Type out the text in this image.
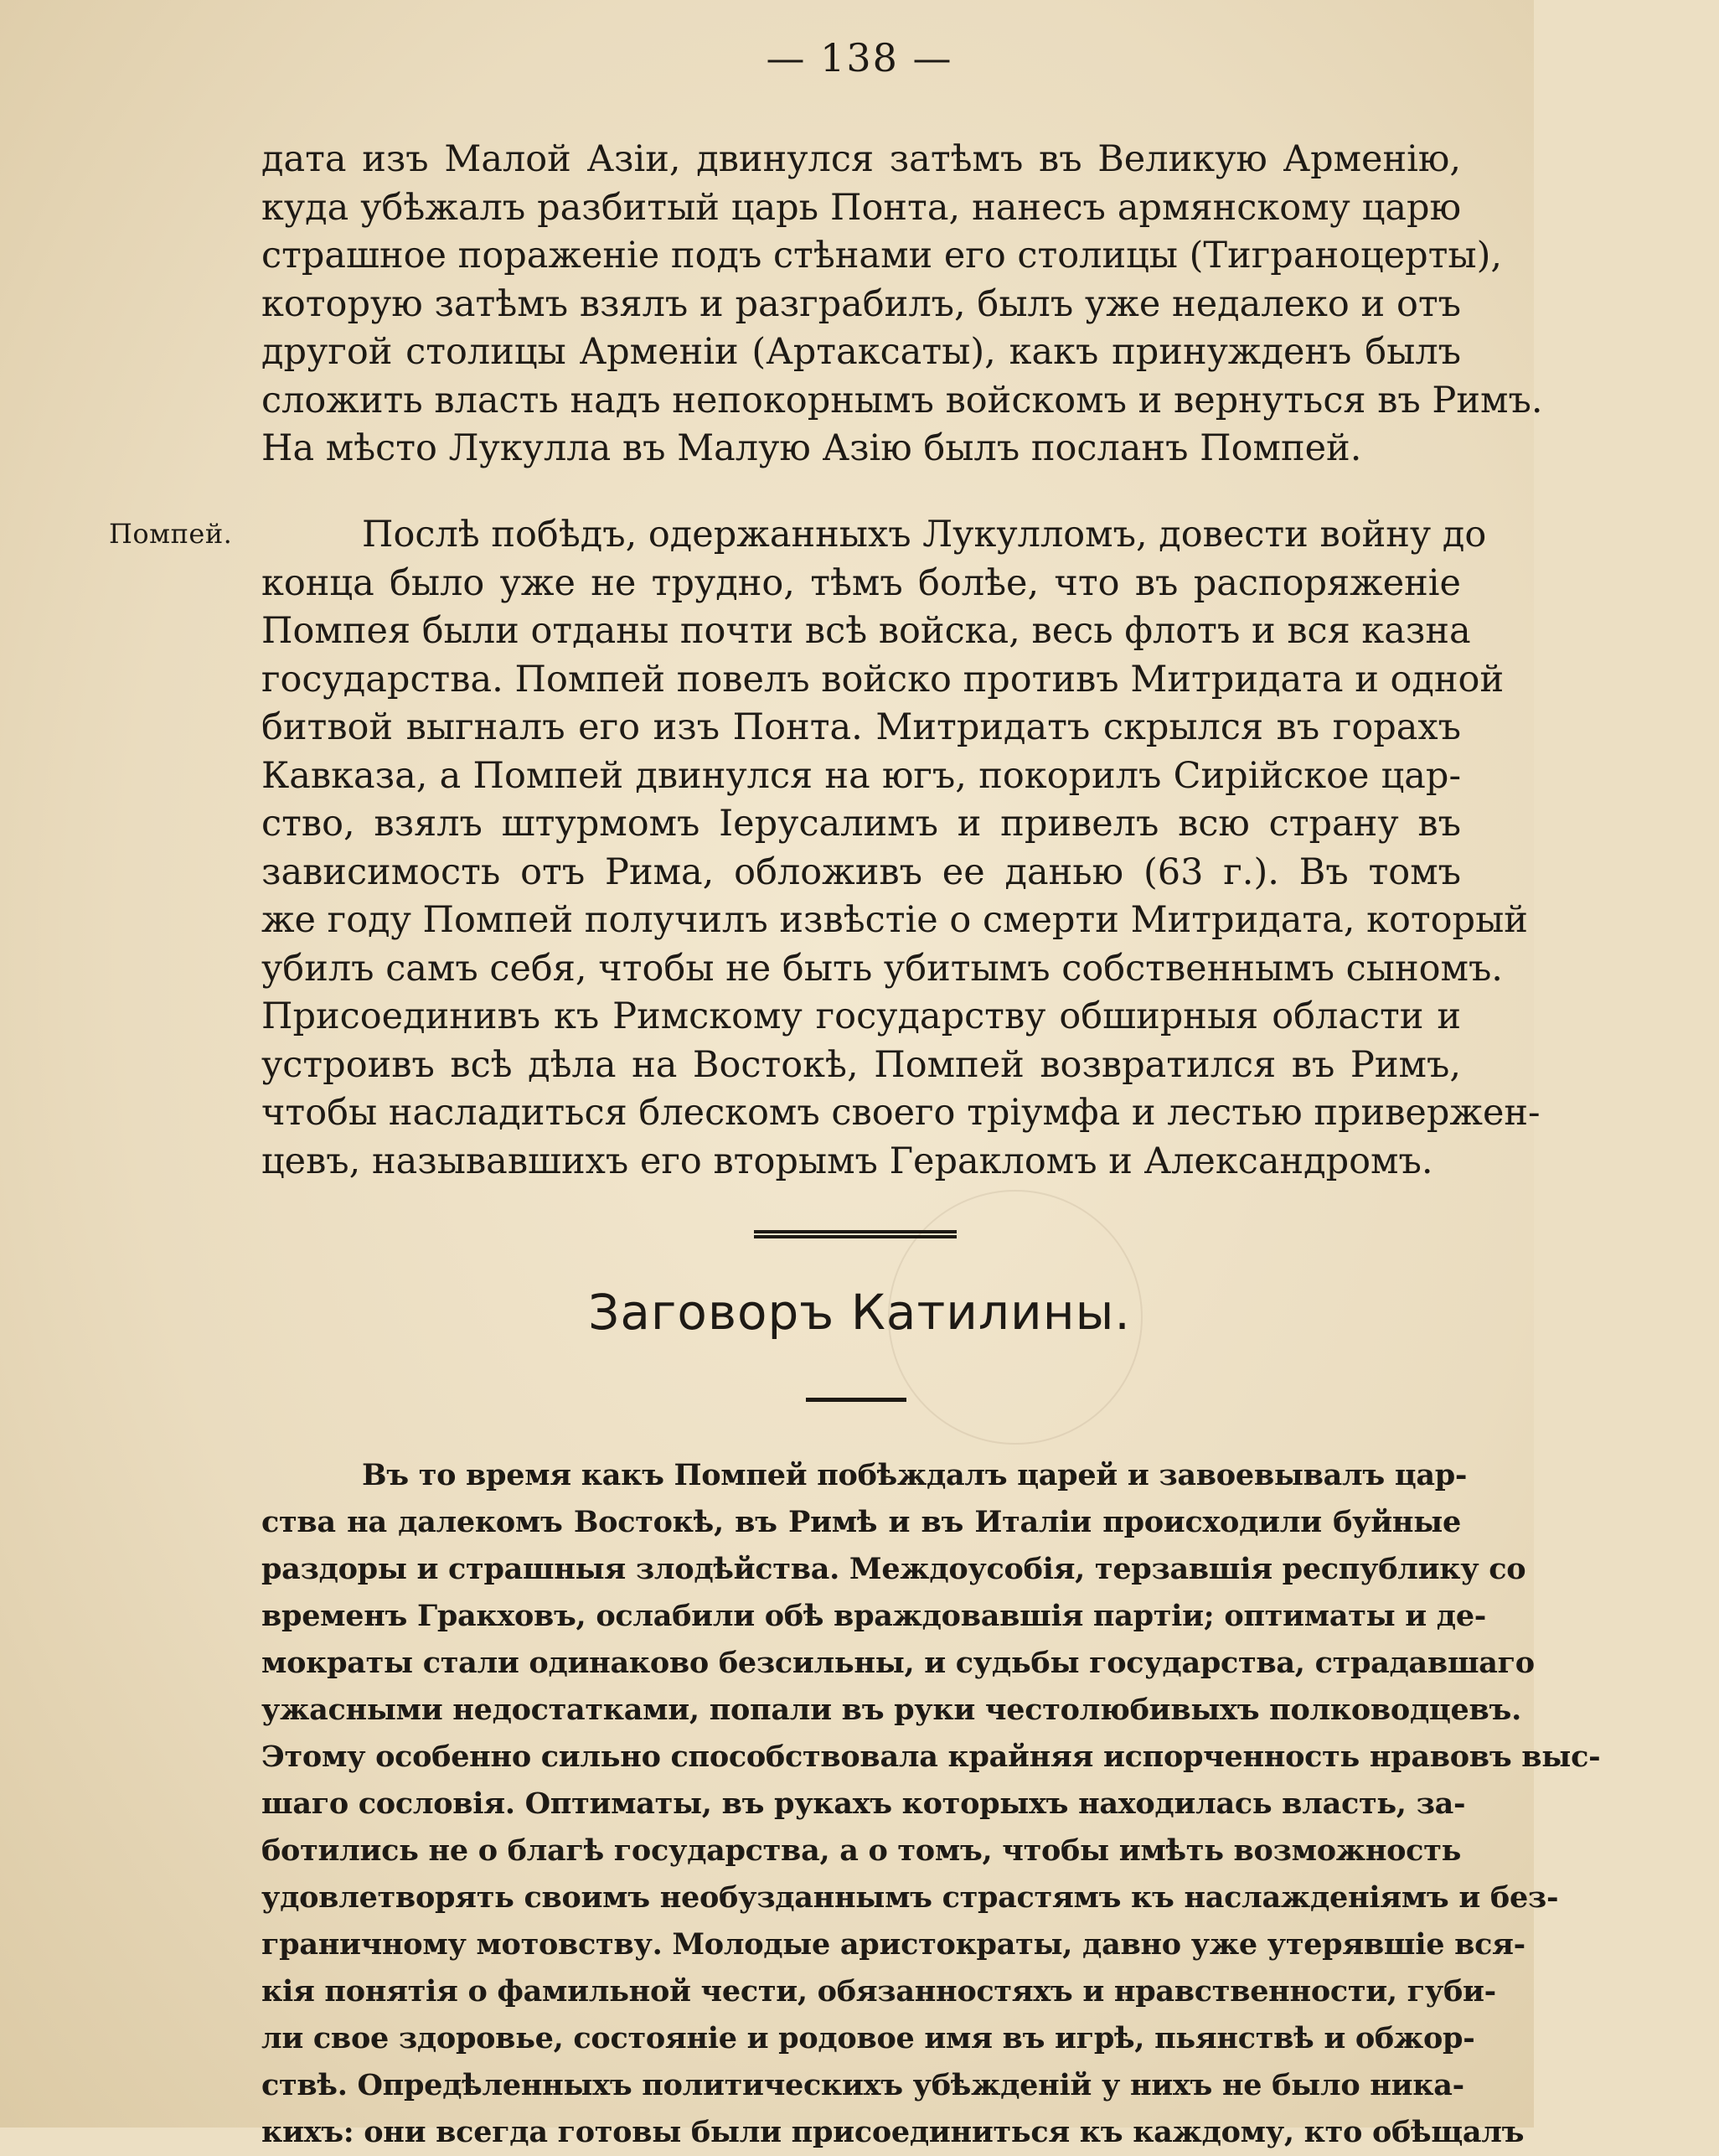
— 138 —
дата изъ Малой Азіи, двинулся затѣмъ въ Великую Арменію,
куда убѣжалъ разбитый царь Понта, нанесъ армянскому царю
страшное пораженіе подъ стѣнами его столицы (Тиграноцерты),
которую затѣмъ взялъ и разграбилъ, былъ уже недалеко и отъ
другой столицы Арменіи (Артаксаты), какъ принужденъ былъ
сложить власть надъ непокорнымъ войскомъ и вернуться въ Римъ.
На мѣсто Лукулла въ Малую Азію былъ посланъ Помпей.
Помпей.	Послѣ побѣдъ, одержанныхъ Лукулломъ, довести войну до
конца было уже не трудно, тѣмъ болѣе, что въ распоряженіе
Помпея были отданы почти всѣ войска, весь флотъ и вся казна
государства. Помпей повелъ войско противъ Митридата и одной
битвой выгналъ его изъ Понта. Митридатъ скрылся въ горахъ
Кавказа, а Помпей двинулся на югъ, покорилъ Сирійское цар-
ство, взялъ штурмомъ Іерусалимъ и привелъ всю страну въ
зависимость отъ Рима, обложивъ ее данью (63 г.). Въ томъ
же году Помпей получилъ извѣстіе о смерти Митридата, который
убилъ самъ себя, чтобы не быть убитымъ собственнымъ сыномъ.
Присоединивъ къ Римскому государству обширныя области и
устроивъ всѣ дѣла на Востокѣ, Помпей возвратился въ Римъ,
чтобы насладиться блескомъ своего тріумфа и лестью привержен-
цевъ, называвшихъ его вторымъ Геракломъ и Александромъ.
Заговоръ Катилины.
Въ то время какъ Помпей побѣждалъ царей и завоевывалъ цар-
ства на далекомъ Востокѣ, въ Римѣ и въ Италіи происходили буйные
раздоры и страшныя злодѣйства. Междоусобія, терзавшія республику со
временъ Гракховъ, ослабили обѣ враждовавшія партіи; оптиматы и де-
мократы стали одинаково безсильны, и судьбы государства, страдавшаго
ужасными недостатками, попали въ руки честолюбивыхъ полководцевъ.
Этому особенно сильно способствовала крайняя испорченность нравовъ выс-
шаго сословія. Оптиматы, въ рукахъ которыхъ находилась власть, за-
ботились не о благѣ государства, а о томъ, чтобы имѣть возможность
удовлетворять своимъ необузданнымъ страстямъ къ наслажденіямъ и без-
граничному мотовству. Молодые аристократы, давно уже утерявшіе вся-
кія понятія о фамильной чести, обязанностяхъ и нравственности, губи-
ли свое здоровье, состояніе и родовое имя въ игрѣ, пьянствѣ и обжор-
ствѣ. Опредѣленныхъ политическихъ убѣжденій у нихъ не было ника-
кихъ: они всегда готовы были присоединиться къ каждому, кто обѣщалъ
